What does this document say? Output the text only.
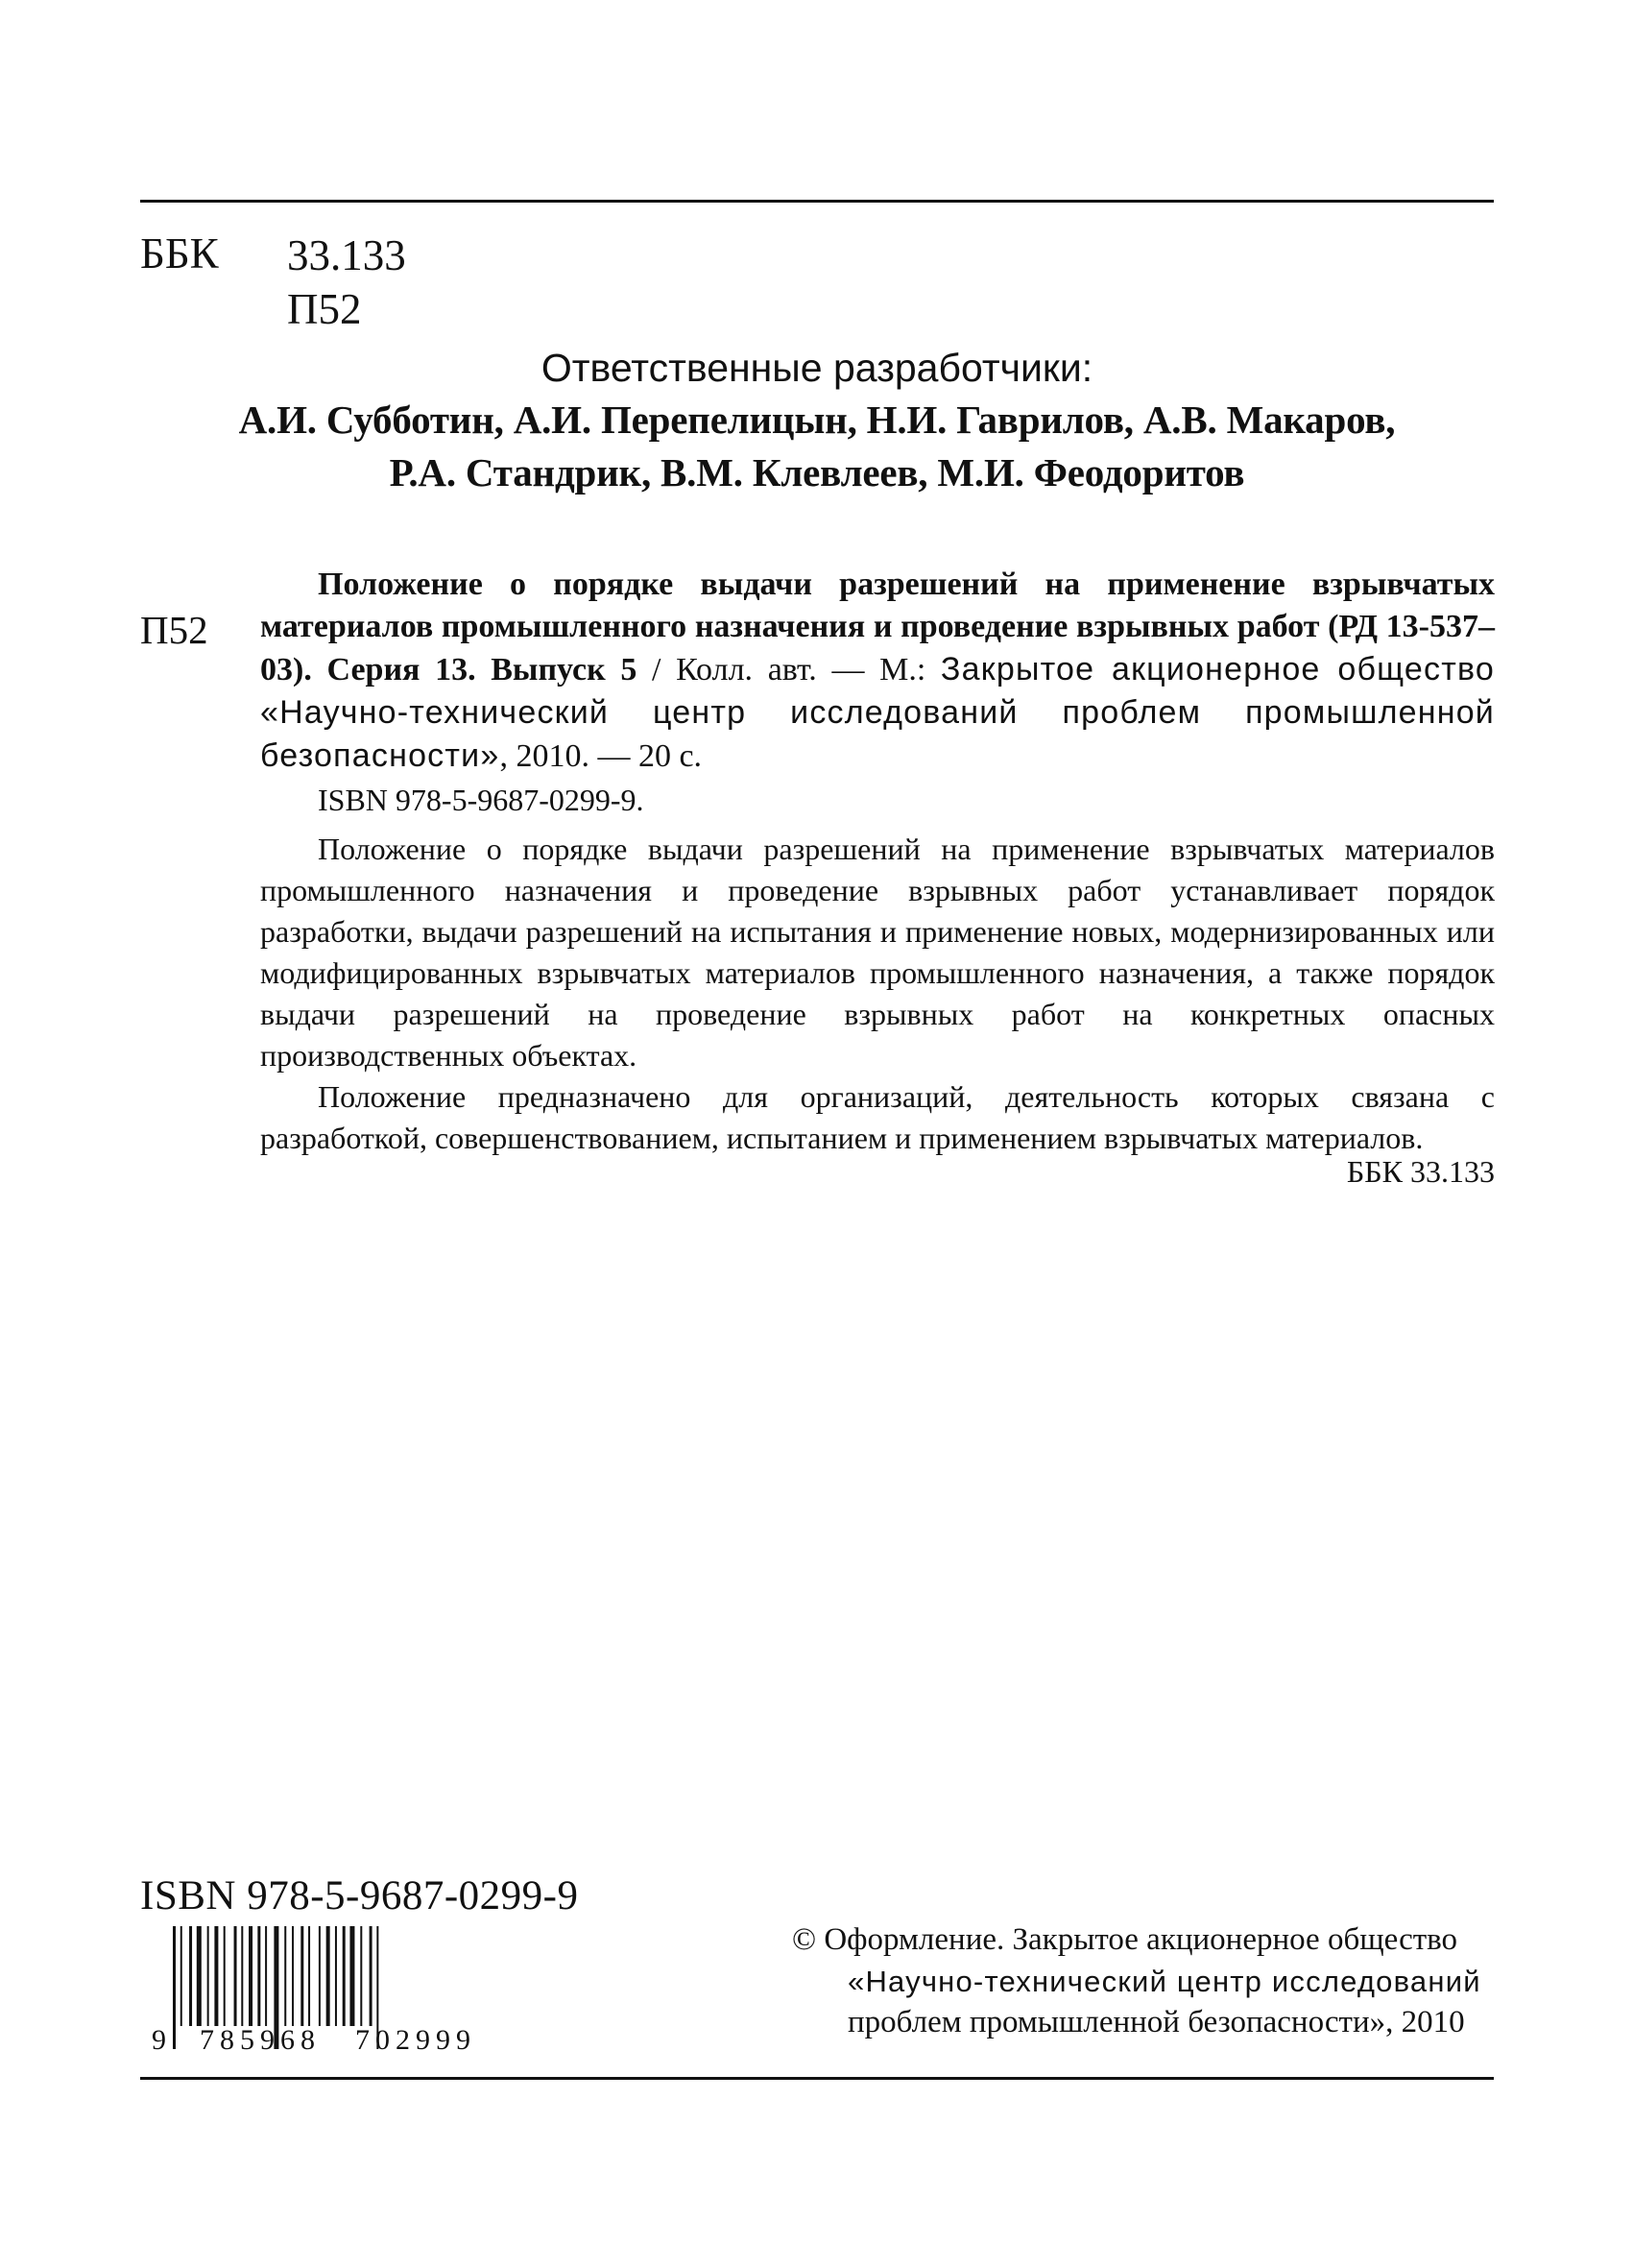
ББК 33.133
П52
Ответственные разработчики:
А.И. Субботин, А.И. Перепелицын, Н.И. Гаврилов, А.В. Макаров,
Р.А. Стандрик, В.М. Клевлеев, М.И. Феодоритов
П52
Положение о порядке выдачи разрешений на применение взрывчатых материалов промышленного назначения и проведение взрывных работ (РД 13-537–03). Серия 13. Выпуск 5 / Колл. авт. — М.: Закрытое акционерное общество «Научно-технический центр исследований проблем промышленной безопасности», 2010. — 20 с.
ISBN 978-5-9687-0299-9.

Положение о порядке выдачи разрешений на применение взрывчатых материалов промышленного назначения и проведение взрывных работ устанавливает порядок разработки, выдачи разрешений на испытания и применение новых, модернизированных или модифицированных взрывчатых материалов промышленного назначения, а также порядок выдачи разрешений на проведение взрывных работ на конкретных опасных производственных объектах.

Положение предназначено для организаций, деятельность которых связана с разработкой, совершенствованием, испытанием и применением взрывчатых материалов.

ББК 33.133
ISBN 978-5-9687-0299-9
9 785968 702999
© Оформление. Закрытое акционерное общество
«Научно-технический центр исследований
проблем промышленной безопасности», 2010
